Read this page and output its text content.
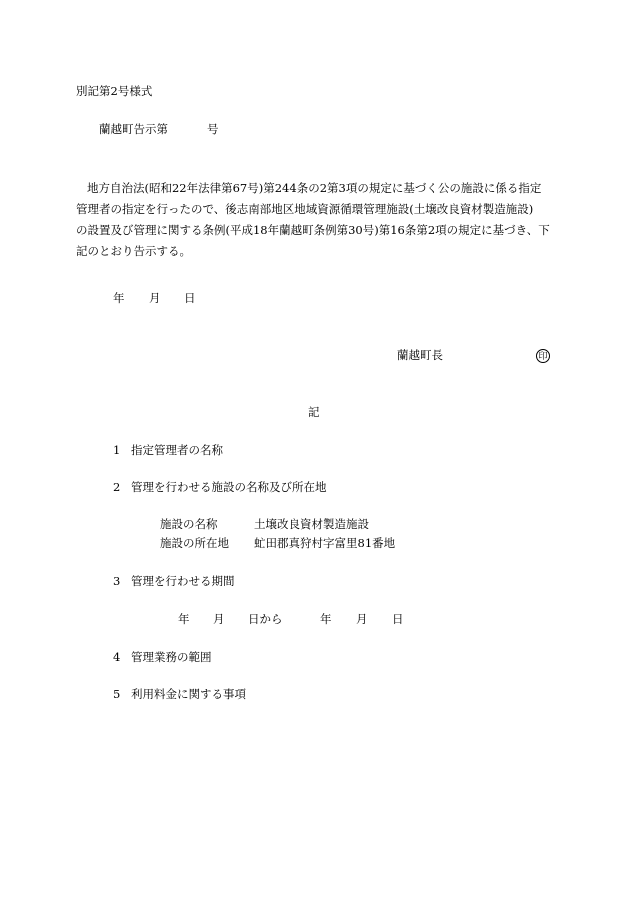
別記第2号様式
蘭越町告示第	号
地方自治法(昭和22年法律第67号)第244条の2第3項の規定に基づく公の施設に係る指定
管理者の指定を行ったので、後志南部地区地域資源循環管理施設(土壌改良資材製造施設)
の設置及び管理に関する条例(平成18年蘭越町条例第30号)第16条第2項の規定に基づき、下
記のとおり告示する。
年 月 日
蘭越町長	印
記
1 指定管理者の名称
2 管理を行わせる施設の名称及び所在地
施設の名称	土壌改良資材製造施設
施設の所在地 虻田郡真狩村字富里81番地
3 管理を行わせる期間
年 月 日から	年 月 日
4 管理業務の範囲
5 利用料金に関する事項
